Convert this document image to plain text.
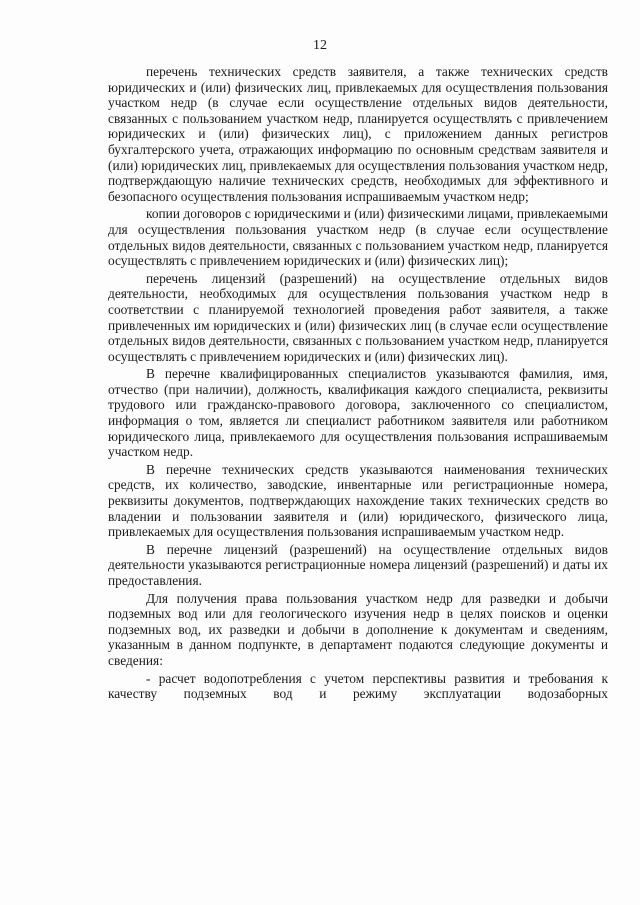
12

перечень технических средств заявителя, а также технических средств юридических и (или) физических лиц, привлекаемых для осуществления пользования участком недр (в случае если осуществление отдельных видов деятельности, связанных с пользованием участком недр, планируется осуществлять с привлечением юридических и (или) физических лиц), с приложением данных регистров бухгалтерского учета, отражающих информацию по основным средствам заявителя и (или) юридических лиц, привлекаемых для осуществления пользования участком недр, подтверждающую наличие технических средств, необходимых для эффективного и безопасного осуществления пользования испрашиваемым участком недр;

копии договоров с юридическими и (или) физическими лицами, привлекаемыми для осуществления пользования участком недр (в случае если осуществление отдельных видов деятельности, связанных с пользованием участком недр, планируется осуществлять с привлечением юридических и (или) физических лиц);

перечень лицензий (разрешений) на осуществление отдельных видов деятельности, необходимых для осуществления пользования участком недр в соответствии с планируемой технологией проведения работ заявителя, а также привлеченных им юридических и (или) физических лиц (в случае если осуществление отдельных видов деятельности, связанных с пользованием участком недр, планируется осуществлять с привлечением юридических и (или) физических лиц).

В перечне квалифицированных специалистов указываются фамилия, имя, отчество (при наличии), должность, квалификация каждого специалиста, реквизиты трудового или гражданско-правового договора, заключенного со специалистом, информация о том, является ли специалист работником заявителя или работником юридического лица, привлекаемого для осуществления пользования испрашиваемым участком недр.

В перечне технических средств указываются наименования технических средств, их количество, заводские, инвентарные или регистрационные номера, реквизиты документов, подтверждающих нахождение таких технических средств во владении и пользовании заявителя и (или) юридического, физического лица, привлекаемых для осуществления пользования испрашиваемым участком недр.

В перечне лицензий (разрешений) на осуществление отдельных видов деятельности указываются регистрационные номера лицензий (разрешений) и даты их предоставления.

Для получения права пользования участком недр для разведки и добычи подземных вод или для геологического изучения недр в целях поисков и оценки подземных вод, их разведки и добычи в дополнение к документам и сведениям, указанным в данном подпункте, в департамент подаются следующие документы и сведения:

- расчет водопотребления с учетом перспективы развития и требования к качеству подземных вод и режиму эксплуатации водозаборных
